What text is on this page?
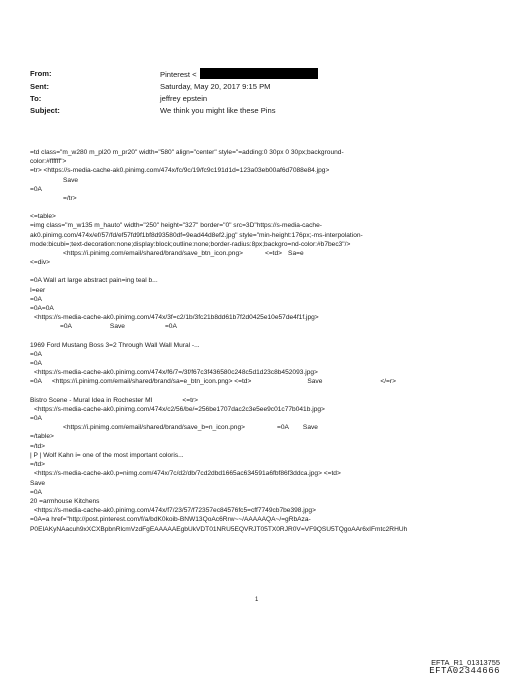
From:	Pinterest <
Sent:	Saturday, May 20, 2017 9:15 PM
To:	jeffrey epstein
Subject:	We think you might like these Pins
=td class="m_w280 m_pl20 m_pr20" width="580" align="center" style="=adding:0 30px 0 30px;background-
color:#ffffff">
=tr> <https://s-media-cache-ak0.pinimg.com/474x/fc/9c/19/fc9c191d1d=123a03eb00af6d7088e84.jpg>
Save
=0A
=/tr>
<=table>
=img class="m_w135 m_hauto" width="250" height="327" border="0" src=3D"https://s-media-cache-
ak0.pinimg.com/474x/ef/57/fd/ef57fd9f1bf8d93580df=9ead44d8ef2.jpg" style="min-height:176px;-ms-interpolation-
mode:bicubi=;text-decoration:none;display:block;outline:none;border-radius:8px;backgro=nd-color:#b7bec3"/>
<https://i.pinimg.com/email/shared/brand/save_btn_icon.png>	<=td> Sa=e
<=div>
=0A Wall art large abstract pain=ing teal b...
I=eer
=0A
=0A=0A
<https://s-media-cache-ak0.pinimg.com/474x/3f=c2/1b/3fc21b8dd61b7f2d0425e10e57de4f1f.jpg>
=0A	Save	=0A
1969 Ford Mustang Boss 3=2 Through Wall Wall Mural -...
=0A
=0A
<https://s-media-cache-ak0.pinimg.com/474x/f6/7=/3f/f67c3f436580c248c5d1d23c8b452093.jpg>
=0A <https://i.pinimg.com/email/shared/brand/sa=e_btn_icon.png> <=td>	Save	</=r>
Bistro Scene - Mural Idea in Rochester MI	<=tr>
<https://s-media-cache-ak0.pinimg.com/474x/c2/56/be/=256be1707dac2c3e5ee9c01c77b041b.jpg>
=0A
<https://i.pinimg.com/email/shared/brand/save_b=n_icon.png>	=0A Save
=/table>
=/td>
| P | Wolf Kahn i= one of the most important coloris...
=/td>
<https://s-media-cache-ak0.p=nimg.com/474x/7c/d2/db/7cd2dbd1665ac634591a6fbf86f3ddca.jpg> <=td>
Save
=0A
20 =armhouse Kitchens
<https://s-media-cache-ak0.pinimg.com/474x/f7/23/57/f72357ec84576fc5=cff7749cb7be398.jpg>
=0A=a href="http://post.pinterest.com/f/a/bdK0koib-BNW13QoAc6Rrw~~/AAAAAQA~/=gRbAza-
P0EIAKyNAacuh9xXCXBpbnRlcmVzdFgEAAAAAEgbUkVDT01NRU5EQVRJT05TX0RJR0V=VF9QSU5TQgoAAr6xIFmtc2RHUh
1
EFTA_R1_01313755
EFTA02344666
